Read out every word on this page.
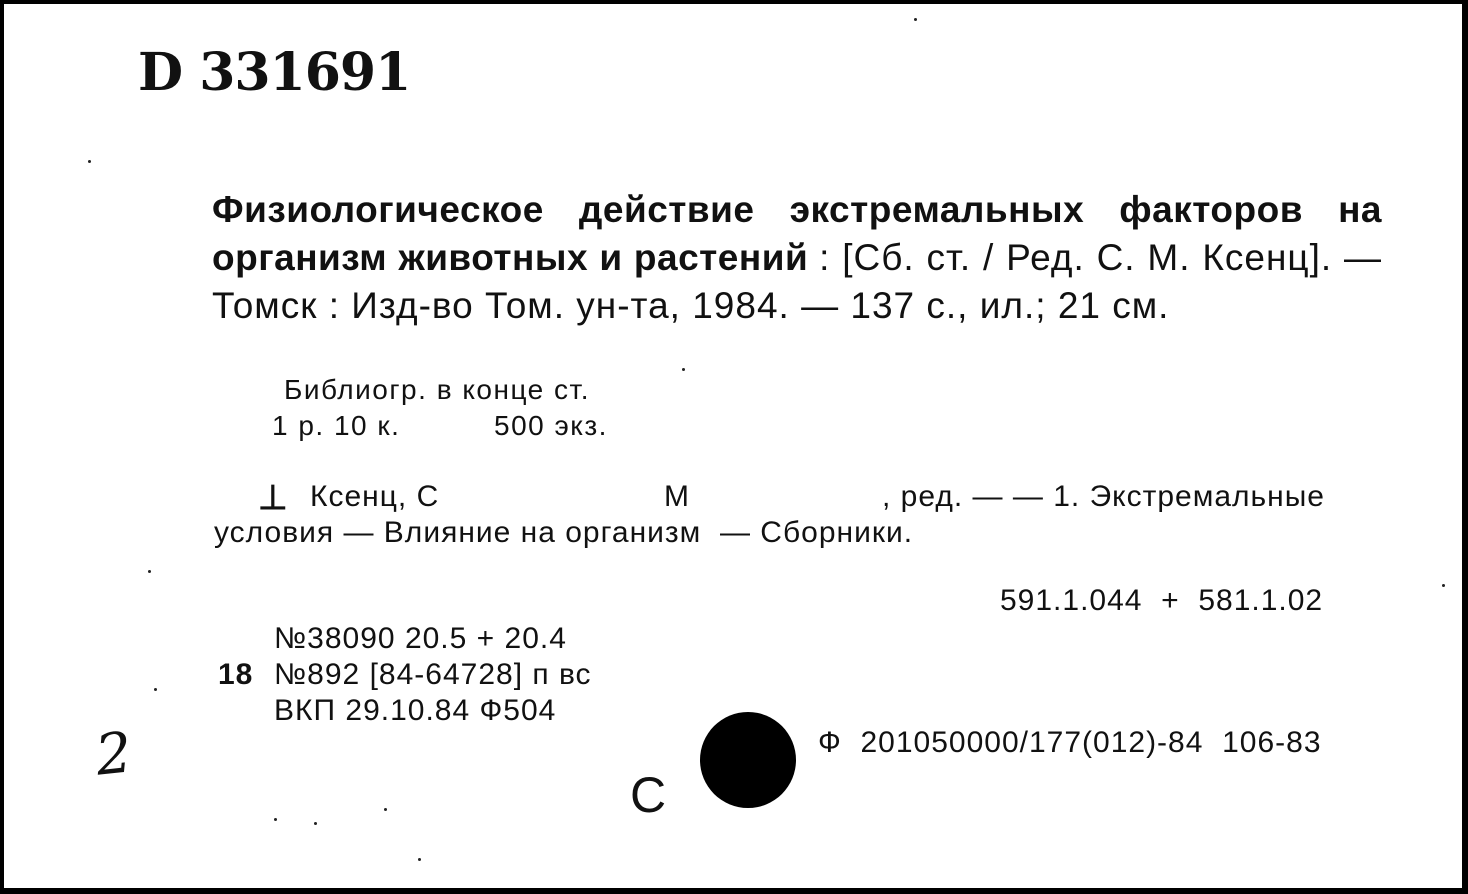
D 331691
Физиологическое действие экстремальных факторов на организм животных и растений : [Сб. ст. / Ред. С. М. Ксенц]. — Томск : Изд-во Том. ун-та, 1984. — 137 с., ил.; 21 см.
Библиогр. в конце ст.
1 р. 10 к.	500 экз.
⊥ Ксенц, С	М	, ред. — — 1. Экстремальные
условия — Влияние на организм  — Сборники.
591.1.044  +  581.1.02
№38090 20.5 + 20.4
18 №892 [84-64728] п вс
ВКП 29.10.84 Ф504
Ф  201050000/177(012)-84  106-83
С
2
